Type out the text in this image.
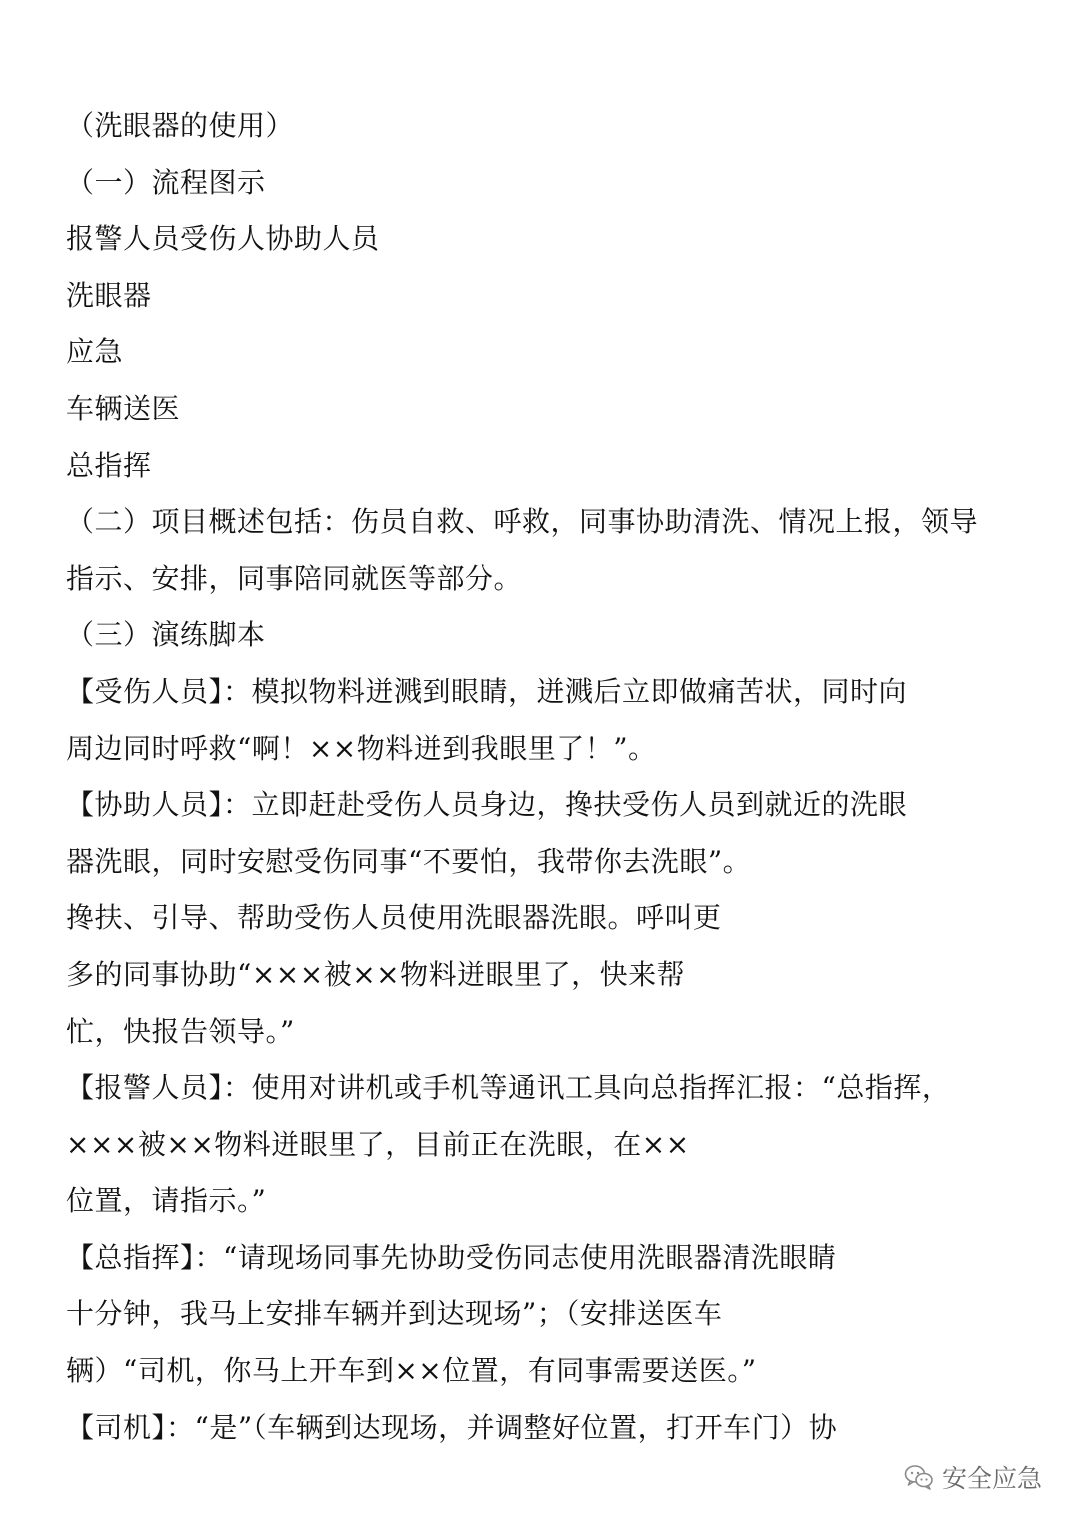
（洗眼器的使用）
（一）流程图示
报警人员受伤人协助人员
洗眼器
应急
车辆送医
总指挥
（二）项目概述包括：伤员自救、呼救，同事协助清洗、情况上报，领导
指示、安排，同事陪同就医等部分。
（三）演练脚本
【受伤人员】：模拟物料迸溅到眼睛，迸溅后立即做痛苦状，同时向
周边同时呼救“啊！××物料迸到我眼里了！”。
【协助人员】：立即赶赴受伤人员身边，搀扶受伤人员到就近的洗眼
器洗眼，同时安慰受伤同事“不要怕，我带你去洗眼”。
搀扶、引导、帮助受伤人员使用洗眼器洗眼。呼叫更
多的同事协助“×××被××物料迸眼里了，快来帮
忙，快报告领导。”
【报警人员】：使用对讲机或手机等通讯工具向总指挥汇报：“总指挥，
×××被××物料迸眼里了，目前正在洗眼，在××
位置，请指示。”
【总指挥】：“请现场同事先协助受伤同志使用洗眼器清洗眼睛
十分钟，我马上安排车辆并到达现场”；（安排送医车
辆）“司机，你马上开车到××位置，有同事需要送医。”
【司机】：“是”（车辆到达现场，并调整好位置，打开车门）协
安全应急
